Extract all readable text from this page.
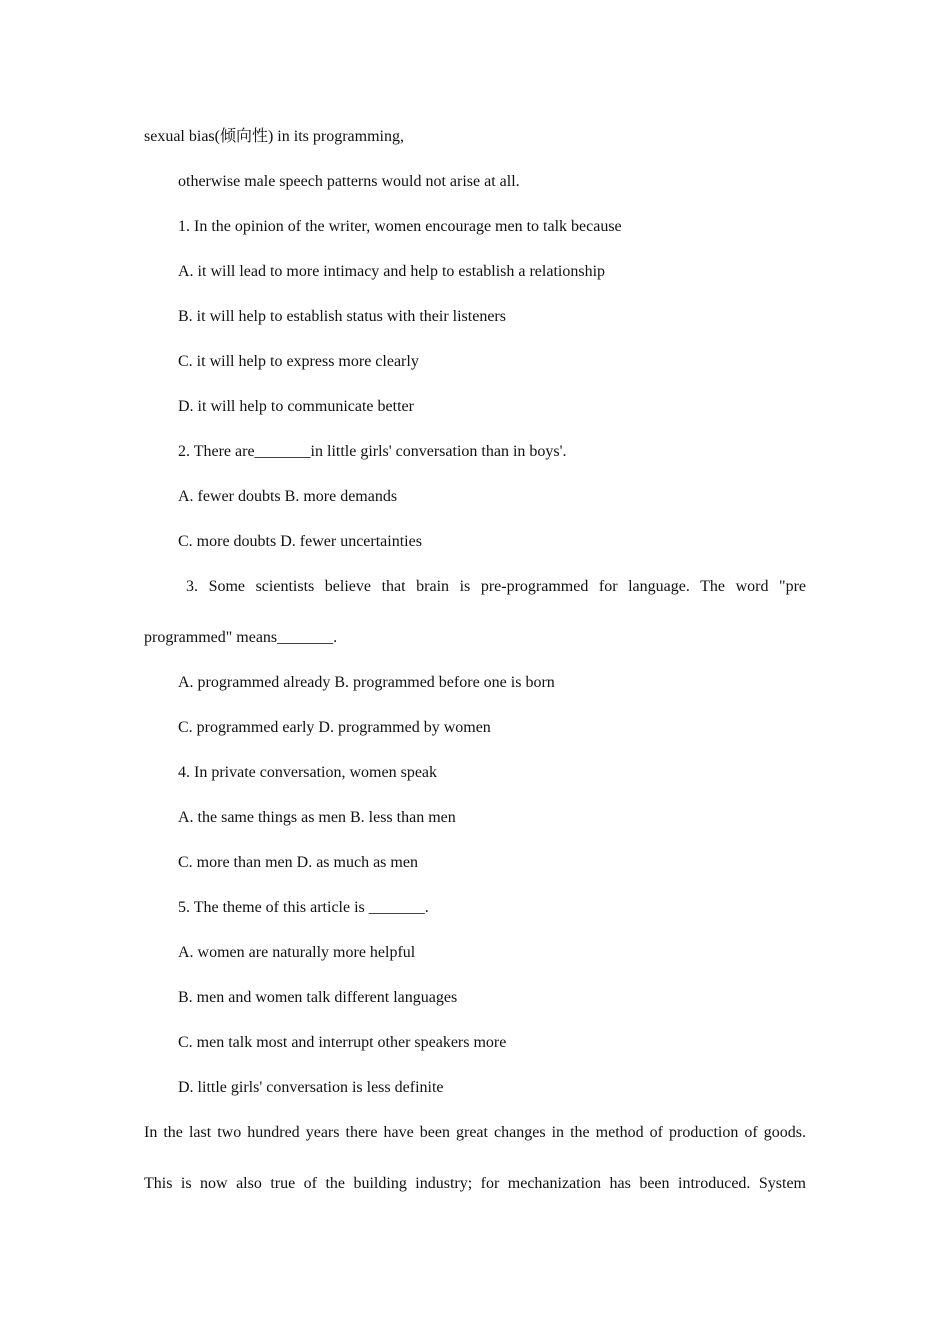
sexual bias(倾向性) in its programming,
otherwise male speech patterns would not arise at all.
1. In the opinion of the writer, women encourage men to talk because
A. it will lead to more intimacy and help to establish a relationship
B. it will help to establish status with their listeners
C. it will help to express more clearly
D. it will help to communicate better
2. There are_______in little girls' conversation than in boys'.
A. fewer doubts B. more demands
C. more doubts D. fewer uncertainties
3. Some scientists believe that brain is pre-programmed for language. The word "pre
programmed" means_______.
A. programmed already B. programmed before one is born
C. programmed early D. programmed by women
4. In private conversation, women speak
A. the same things as men B. less than men
C. more than men D. as much as men
5. The theme of this article is _______.
A. women are naturally more helpful
B. men and women talk different languages
C. men talk most and interrupt other speakers more
D. little girls' conversation is less definite
In the last two hundred years there have been great changes in the method of production of goods.
This is now also true of the building industry; for mechanization has been introduced. System
